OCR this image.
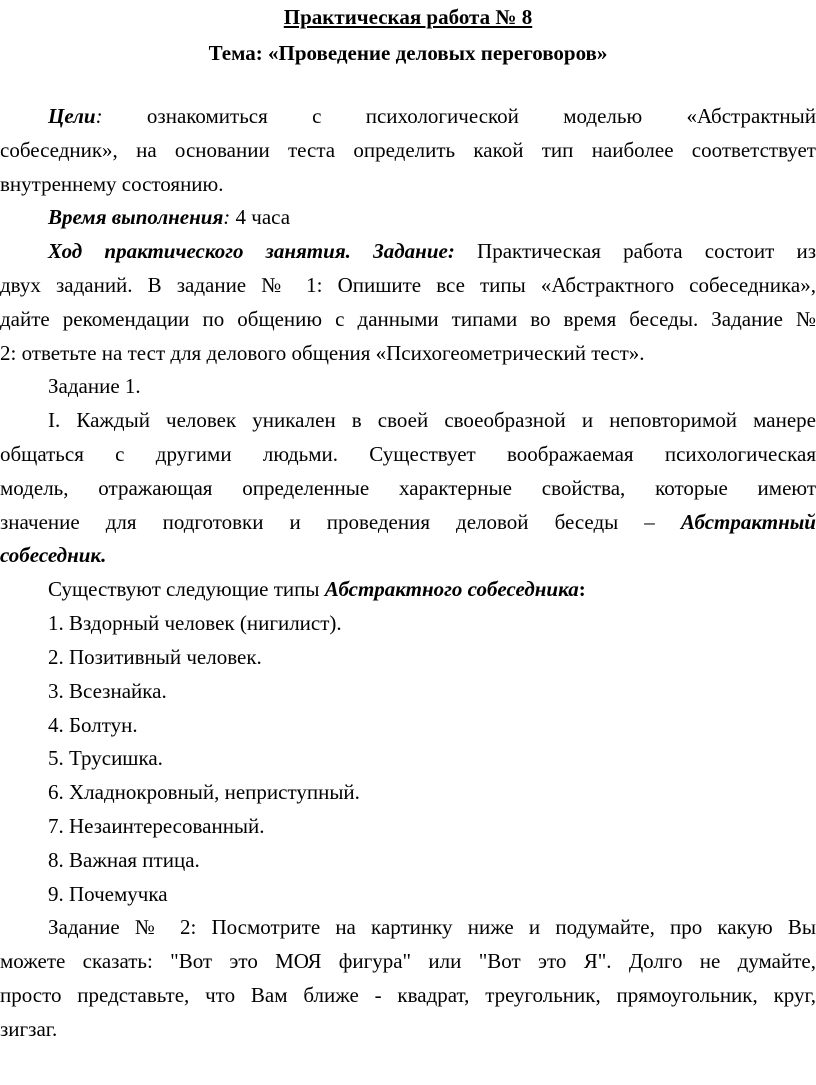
Практическая работа № 8
Тема: «Проведение деловых переговоров»
Цели: ознакомиться с психологической моделью «Абстрактный
собеседник», на основании теста определить какой тип наиболее соответствует
внутреннему состоянию.
Время выполнения: 4 часа
Ход практического занятия. Задание: Практическая работа состоит из
двух заданий. В задание № 1: Опишите все типы «Абстрактного собеседника»,
дайте рекомендации по общению с данными типами во время беседы. Задание №
2: ответьте на тест для делового общения «Психогеометрический тест».
Задание 1.
I. Каждый человек уникален в своей своеобразной и неповторимой манере
общаться с другими людьми. Существует воображаемая психологическая
модель, отражающая определенные характерные свойства, которые имеют
значение для подготовки и проведения деловой беседы – Абстрактный
собеседник.
Существуют следующие типы Абстрактного собеседника:
1. Вздорный человек (нигилист).
2. Позитивный человек.
3. Всезнайка.
4. Болтун.
5. Трусишка.
6. Хладнокровный, неприступный.
7. Незаинтересованный.
8. Важная птица.
9. Почемучка
Задание № 2: Посмотрите на картинку ниже и подумайте, про какую Вы
можете сказать: "Вот это МОЯ фигура" или "Вот это Я". Долго не думайте,
просто представьте, что Вам ближе - квадрат, треугольник, прямоугольник, круг,
зигзаг.
